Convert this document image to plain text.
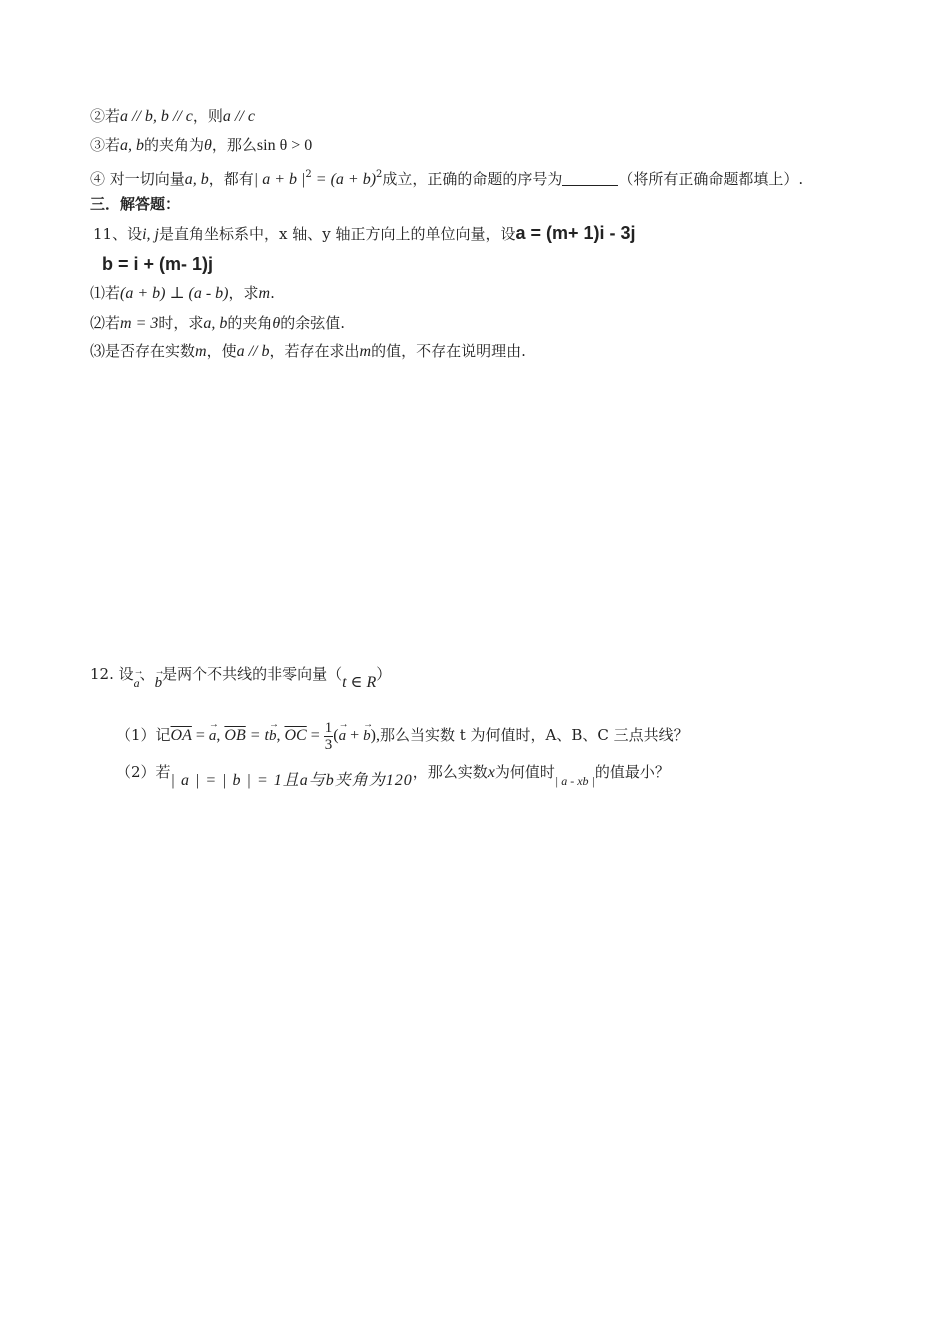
②若a // b, b // c，则a // c
③若a, b的夹角为θ，那么sin θ > 0
④ 对一切向量a, b，都有| a + b $|^2 = (a + b)^2$成立，正确的命题的序号为	（将所有正确命题都填上）.
三．解答题：
11、设i, j是直角坐标系中，x 轴、y 轴正方向上的单位向量，设a = (m+ 1)i - 3j
b = i + (m- 1)j
⑴若(a + b) ⊥ (a - b)，求m.
⑵若m = 3时，求a, b的夹角θ的余弦值.
⑶是否存在实数m，使a // b，若存在求出m的值，不存在说明理由.
12. 设→ a、→ b是两个不共线的非零向量（t ∈ R）
（1）记$\overline{OA}$ = → a, $\overline{OB} = t\to b$, $\overline{OC} = \frac{1}{3}$ (→ a + → b),那么当实数 t 为何值时，A、B、C 三点共线？
（2）若| a | = | b | = 1且a与b夹角为120，那么实数x为何值时$_{| a - xb |}$的值最小？
